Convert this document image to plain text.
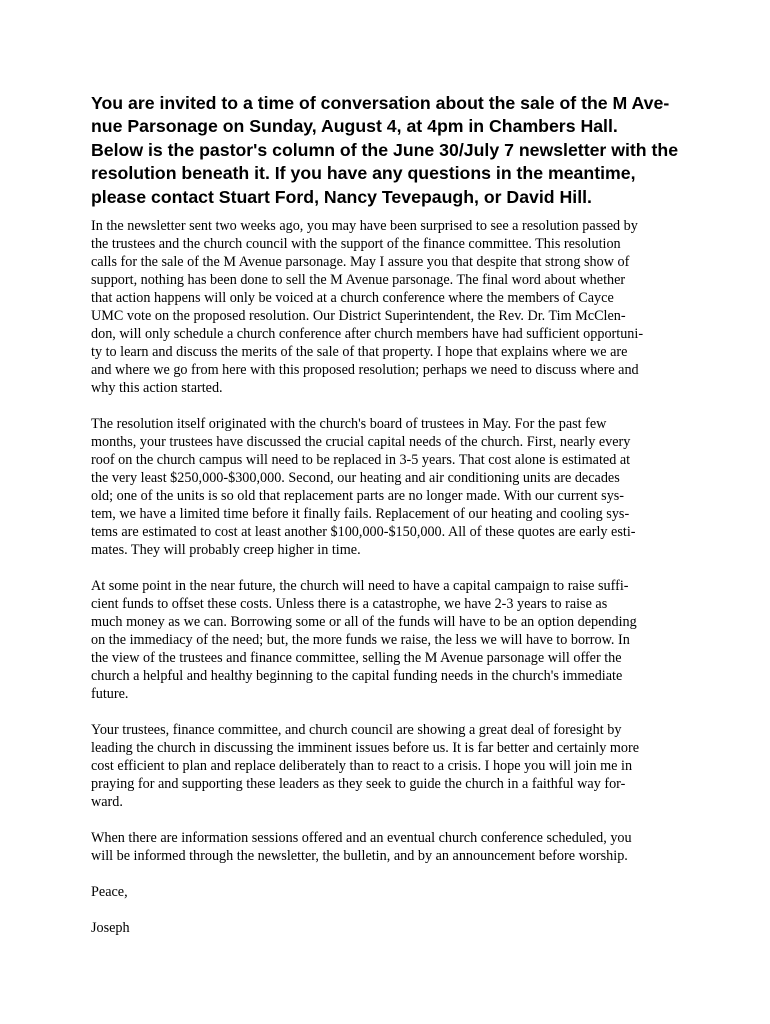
You are invited to a time of conversation about the sale of the M Ave-
nue Parsonage on Sunday, August 4, at 4pm in Chambers Hall.
Below is the pastor's column of the June 30/July 7 newsletter with the
resolution beneath it. If you have any questions in the meantime,
please contact Stuart Ford, Nancy Tevepaugh, or David Hill.

In the newsletter sent two weeks ago, you may have been surprised to see a resolution passed by
the trustees and the church council with the support of the finance committee. This resolution
calls for the sale of the M Avenue parsonage. May I assure you that despite that strong show of
support, nothing has been done to sell the M Avenue parsonage. The final word about whether
that action happens will only be voiced at a church conference where the members of Cayce
UMC vote on the proposed resolution. Our District Superintendent, the Rev. Dr. Tim McClen-
don, will only schedule a church conference after church members have had sufficient opportuni-
ty to learn and discuss the merits of the sale of that property. I hope that explains where we are
and where we go from here with this proposed resolution; perhaps we need to discuss where and
why this action started.

The resolution itself originated with the church's board of trustees in May. For the past few
months, your trustees have discussed the crucial capital needs of the church. First, nearly every
roof on the church campus will need to be replaced in 3-5 years. That cost alone is estimated at
the very least $250,000-$300,000. Second, our heating and air conditioning units are decades
old; one of the units is so old that replacement parts are no longer made. With our current sys-
tem, we have a limited time before it finally fails. Replacement of our heating and cooling sys-
tems are estimated to cost at least another $100,000-$150,000. All of these quotes are early esti-
mates. They will probably creep higher in time.

At some point in the near future, the church will need to have a capital campaign to raise suffi-
cient funds to offset these costs. Unless there is a catastrophe, we have 2-3 years to raise as
much money as we can. Borrowing some or all of the funds will have to be an option depending
on the immediacy of the need; but, the more funds we raise, the less we will have to borrow. In
the view of the trustees and finance committee, selling the M Avenue parsonage will offer the
church a helpful and healthy beginning to the capital funding needs in the church's immediate
future.

Your trustees, finance committee, and church council are showing a great deal of foresight by
leading the church in discussing the imminent issues before us. It is far better and certainly more
cost efficient to plan and replace deliberately than to react to a crisis. I hope you will join me in
praying for and supporting these leaders as they seek to guide the church in a faithful way for-
ward.

When there are information sessions offered and an eventual church conference scheduled, you
will be informed through the newsletter, the bulletin, and by an announcement before worship.

Peace,

Joseph
